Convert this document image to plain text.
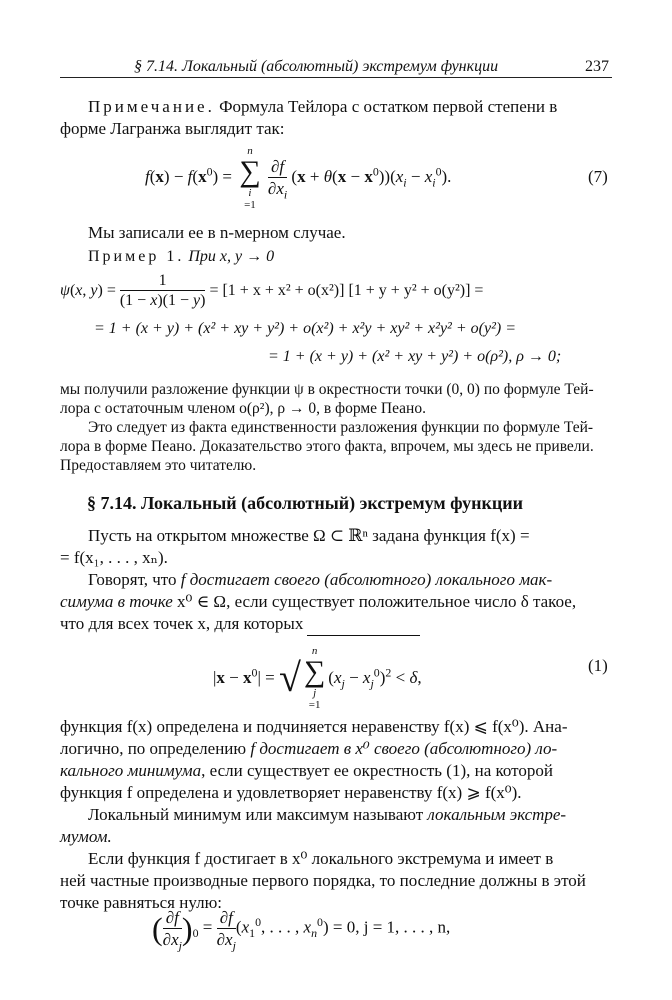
§ 7.14. Локальный (абсолютный) экстремум функции	237
Примечание. Формула Тейлора с остатком первой степени в
форме Лагранжа выглядит так:
$f(x) - f(x^0)$ =
n
∑
i
=1

$\frac{\partial f}{\partial x_i} (x + \theta(x - x^0))(x_i - x_i^0)$.	(7)
Мы записали ее в n-мерном случае.
Пример 1. При x, y → 0
ψ(x, $y) = \frac{1}{(1 - x)(1 - y)} = [1 + x + x^2 + o(x^2)] [1 + y + y^2 + o(y^2)]$ =
= 1 + (x + y) + (x² + xy + y²) + o(x²) + x²y + xy² + x²y² + o(y²) =
= 1 + (x + y) + (x² + xy + y²) + o(ρ²), ρ → 0;
мы получили разложение функции ψ в окрестности точки (0, 0) по формуле Тей-
лора с остаточным членом o(ρ²), ρ → 0, в форме Пеано.
Это следует из факта единственности разложения функции по формуле Тей-
лора в форме Пеано. Доказательство этого факта, впрочем, мы здесь не привели.
Предоставляем это читателю.
§ 7.14. Локальный (абсолютный) экстремум функции
Пусть на открытом множестве Ω ⊂ ℝⁿ задана функция f(x) =
= f(x₁, . . . , xₙ).
Говорят, что f достигает своего (абсолютного) локального мак-
симума в точке x⁰ ∈ Ω, если существует положительное число δ такое,
что для всех точек x, для которых
$|x - x^0|$ = √
n
∑
j
=1
$(x_j - x_j^0)^2 < \delta$,
(1)
функция f(x) определена и подчиняется неравенству f(x) ⩽ f(x⁰). Ана-
логично, по определению f достигает в x⁰ своего (абсолютного) ло-
кального минимума, если существует ее окрестность (1), на которой
функция f определена и удовлетворяет неравенству f(x) ⩾ f(x⁰).
Локальный минимум или максимум называют локальным экстре-
мумом.
Если функция f достигает в x⁰ локального экстремума и имеет в
ней частные производные первого порядка, то последние должны в этой
точке равняться нулю:
( $\frac{\partial f}{\partial x_j} )_0 = \frac{\partial f}{\partial x_j} (x_1^0$, . . . , $x_n^0) = 0$, j = 1, . . . , n,
